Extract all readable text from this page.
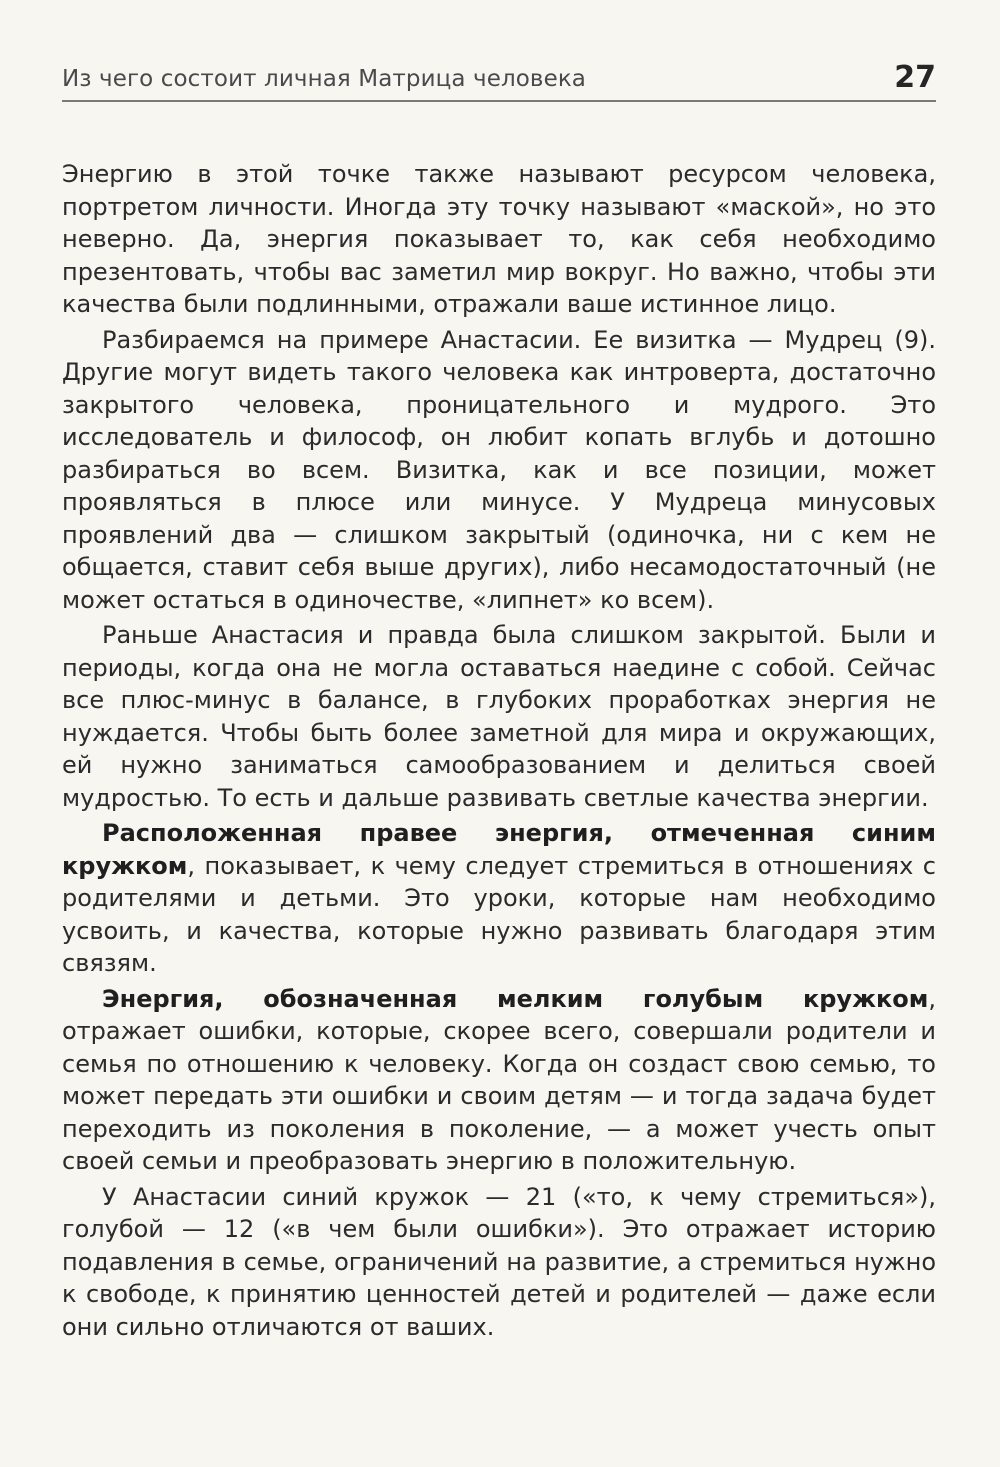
Из чего состоит личная Матрица человека	27

Энергию в этой точке также называют ресурсом человека, портретом личности. Иногда эту точку называют «маской», но это неверно. Да, энергия показывает то, как себя необходимо презентовать, чтобы вас заметил мир вокруг. Но важно, чтобы эти качества были подлинными, отражали ваше истинное лицо.

Разбираемся на примере Анастасии. Ее визитка — Мудрец (9). Другие могут видеть такого человека как интроверта, достаточно закрытого человека, проницательного и мудрого. Это исследователь и философ, он любит копать вглубь и дотошно разбираться во всем. Визитка, как и все позиции, может проявляться в плюсе или минусе. У Мудреца минусовых проявлений два — слишком закрытый (одиночка, ни с кем не общается, ставит себя выше других), либо несамодостаточный (не может остаться в одиночестве, «липнет» ко всем).

Раньше Анастасия и правда была слишком закрытой. Были и периоды, когда она не могла оставаться наедине с собой. Сейчас все плюс-минус в балансе, в глубоких проработках энергия не нуждается. Чтобы быть более заметной для мира и окружающих, ей нужно заниматься самообразованием и делиться своей мудростью. То есть и дальше развивать светлые качества энергии.

Расположенная правее энергия, отмеченная синим кружком, показывает, к чему следует стремиться в отношениях с родителями и детьми. Это уроки, которые нам необходимо усвоить, и качества, которые нужно развивать благодаря этим связям.

Энергия, обозначенная мелким голубым кружком, отражает ошибки, которые, скорее всего, совершали родители и семья по отношению к человеку. Когда он создаст свою семью, то может передать эти ошибки и своим детям — и тогда задача будет переходить из поколения в поколение, — а может учесть опыт своей семьи и преобразовать энергию в положительную.

У Анастасии синий кружок — 21 («то, к чему стремиться»), голубой — 12 («в чем были ошибки»). Это отражает историю подавления в семье, ограничений на развитие, а стремиться нужно к свободе, к принятию ценностей детей и родителей — даже если они сильно отличаются от ваших.
